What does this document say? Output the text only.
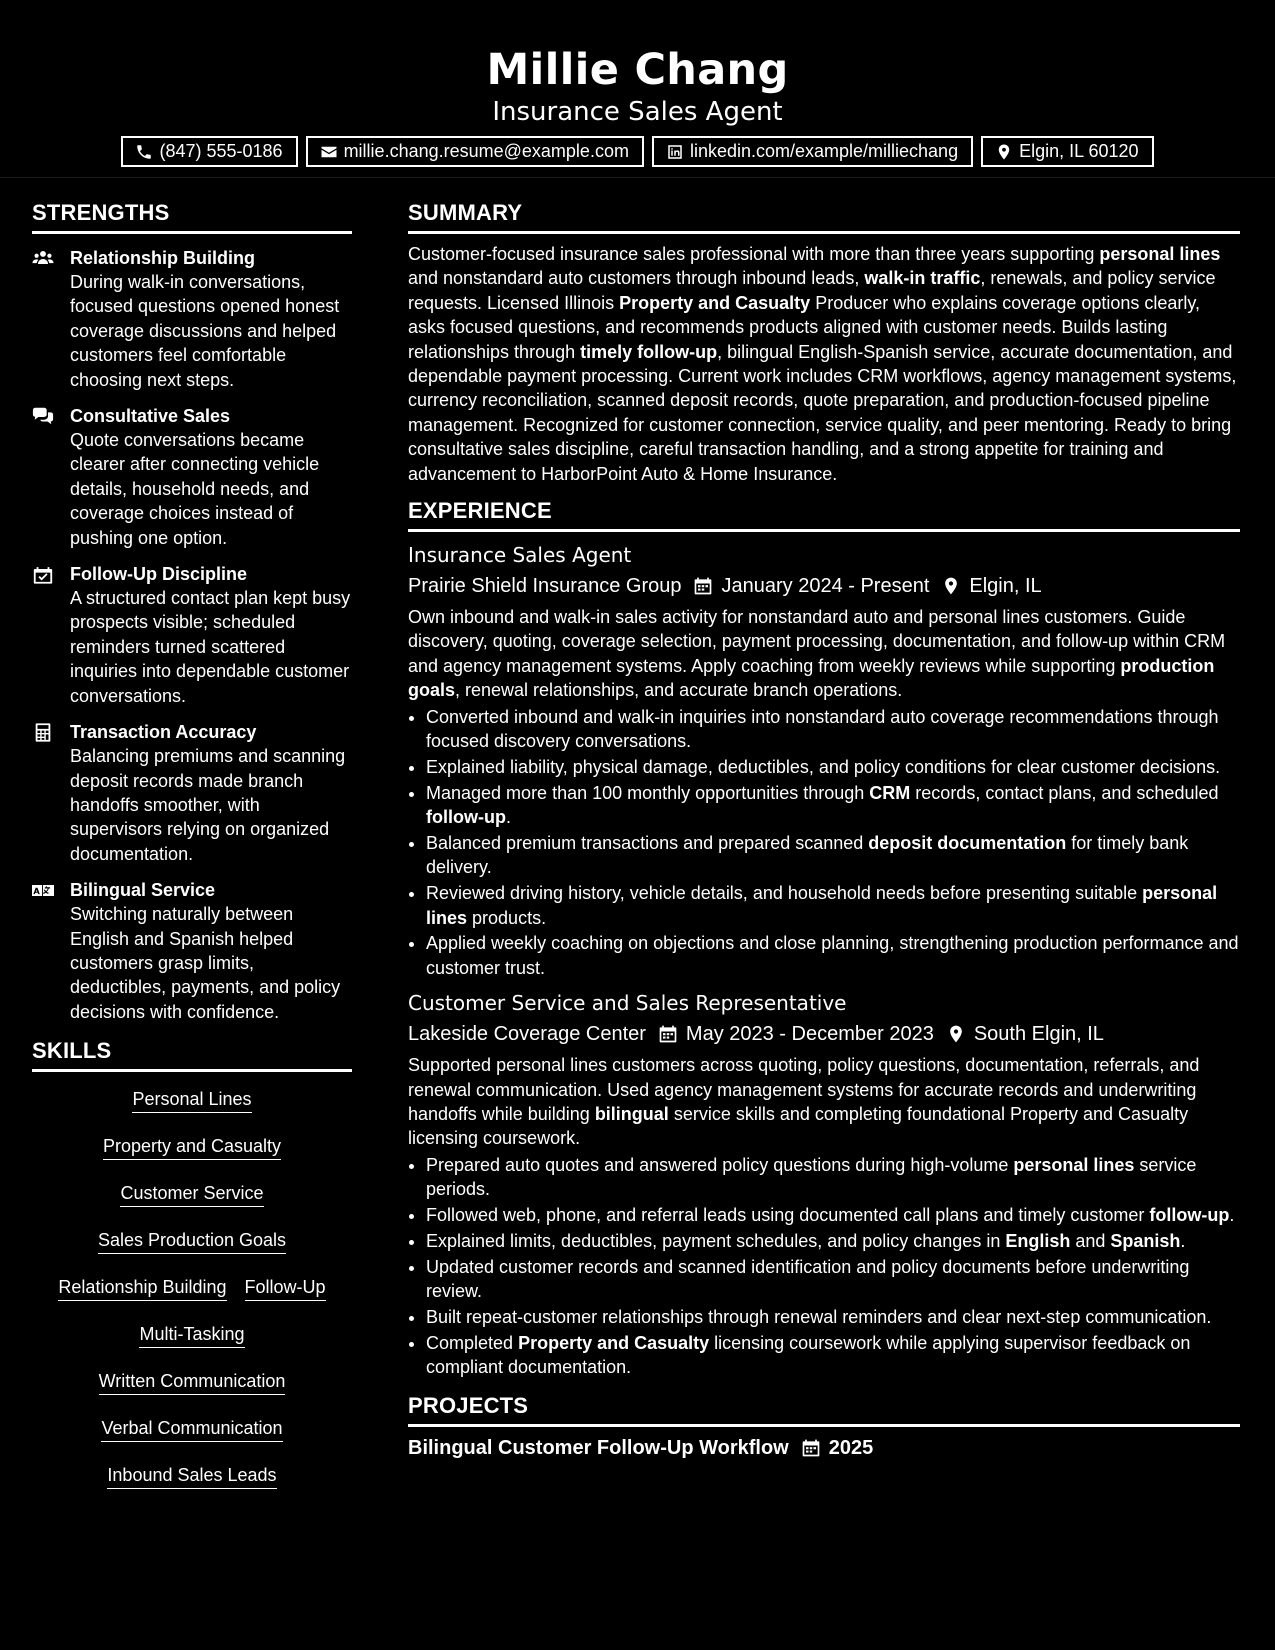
Millie Chang
Insurance Sales Agent
(847) 555-0186	millie.chang.resume@example.com	linkedin.com/example/milliechang	Elgin, IL 60120
STRENGTHS
Relationship Building
During walk-in conversations, focused questions opened honest coverage discussions and helped customers feel comfortable choosing next steps.
Consultative Sales
Quote conversations became clearer after connecting vehicle details, household needs, and coverage choices instead of pushing one option.
Follow-Up Discipline
A structured contact plan kept busy prospects visible; scheduled reminders turned scattered inquiries into dependable customer conversations.
Transaction Accuracy
Balancing premiums and scanning deposit records made branch handoffs smoother, with supervisors relying on organized documentation.
Bilingual Service
Switching naturally between English and Spanish helped customers grasp limits, deductibles, payments, and policy decisions with confidence.
SKILLS
Personal Lines
Property and Casualty
Customer Service
Sales Production Goals
Relationship Building Follow-Up
Multi-Tasking
Written Communication
Verbal Communication
Inbound Sales Leads
SUMMARY
Customer-focused insurance sales professional with more than three years supporting personal lines and nonstandard auto customers through inbound leads, walk-in traffic, renewals, and policy service requests. Licensed Illinois Property and Casualty Producer who explains coverage options clearly, asks focused questions, and recommends products aligned with customer needs. Builds lasting relationships through timely follow-up, bilingual English-Spanish service, accurate documentation, and dependable payment processing. Current work includes CRM workflows, agency management systems, currency reconciliation, scanned deposit records, quote preparation, and production-focused pipeline management. Recognized for customer connection, service quality, and peer mentoring. Ready to bring consultative sales discipline, careful transaction handling, and a strong appetite for training and advancement to HarborPoint Auto & Home Insurance.
EXPERIENCE
Insurance Sales Agent
Prairie Shield Insurance Group January 2024 - Present Elgin, IL
Own inbound and walk-in sales activity for nonstandard auto and personal lines customers. Guide discovery, quoting, coverage selection, payment processing, documentation, and follow-up within CRM and agency management systems. Apply coaching from weekly reviews while supporting production goals, renewal relationships, and accurate branch operations.
• Converted inbound and walk-in inquiries into nonstandard auto coverage recommendations through focused discovery conversations.
• Explained liability, physical damage, deductibles, and policy conditions for clear customer decisions.
• Managed more than 100 monthly opportunities through CRM records, contact plans, and scheduled follow-up.
• Balanced premium transactions and prepared scanned deposit documentation for timely bank delivery.
• Reviewed driving history, vehicle details, and household needs before presenting suitable personal lines products.
• Applied weekly coaching on objections and close planning, strengthening production performance and customer trust.
Customer Service and Sales Representative
Lakeside Coverage Center May 2023 - December 2023 South Elgin, IL
Supported personal lines customers across quoting, policy questions, documentation, referrals, and renewal communication. Used agency management systems for accurate records and underwriting handoffs while building bilingual service skills and completing foundational Property and Casualty licensing coursework.
• Prepared auto quotes and answered policy questions during high-volume personal lines service periods.
• Followed web, phone, and referral leads using documented call plans and timely customer follow-up.
• Explained limits, deductibles, payment schedules, and policy changes in English and Spanish.
• Updated customer records and scanned identification and policy documents before underwriting review.
• Built repeat-customer relationships through renewal reminders and clear next-step communication.
• Completed Property and Casualty licensing coursework while applying supervisor feedback on compliant documentation.
PROJECTS
Bilingual Customer Follow-Up Workflow 2025
